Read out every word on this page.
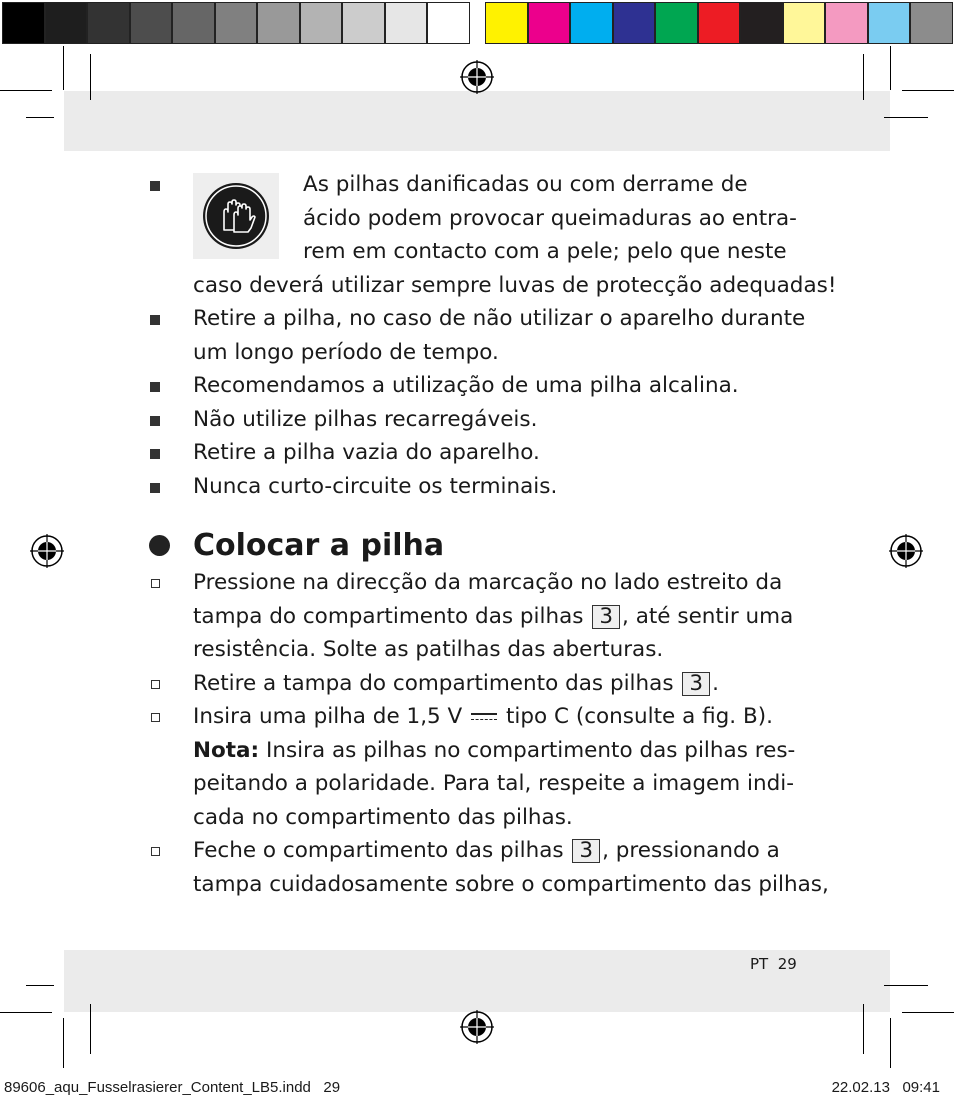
As pilhas danificadas ou com derrame de
ácido podem provocar queimaduras ao entra-
rem em contacto com a pele; pelo que neste
caso deverá utilizar sempre luvas de protecção adequadas!
Retire a pilha, no caso de não utilizar o aparelho durante
um longo período de tempo.
Recomendamos a utilização de uma pilha alcalina.
Não utilize pilhas recarregáveis.
Retire a pilha vazia do aparelho.
Nunca curto-circuite os terminais.
Colocar a pilha
Pressione na direcção da marcação no lado estreito da
tampa do compartimento das pilhas 3 , até sentir uma
resistência. Solte as patilhas das aberturas.
Retire a tampa do compartimento das pilhas 3 .
Insira uma pilha de 1,5 V tipo C (consulte a fig. B).
Nota: Insira as pilhas no compartimento das pilhas res-
peitando a polaridade. Para tal, respeite a imagem indi-
cada no compartimento das pilhas.
Feche o compartimento das pilhas 3 , pressionando a
tampa cuidadosamente sobre o compartimento das pilhas,
PT 29
89606_aqu_Fusselrasierer_Content_LB5.indd   29	22.02.13   09:41
